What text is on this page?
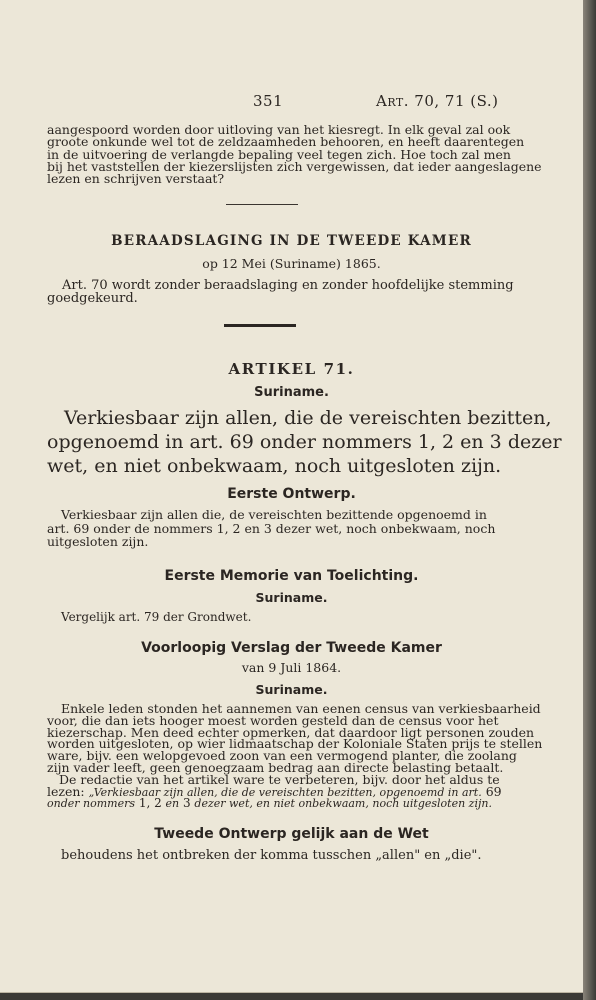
351	Art. 70, 71 (S.)
aangespoord worden door uitloving van het kiesregt. In elk geval zal ook
groote onkunde wel tot de zeldzaamheden behooren, en heeft daarentegen
in de uitvoering de verlangde bepaling veel tegen zich. Hoe toch zal men
bij het vaststellen der kiezerslijsten zich vergewissen, dat ieder aangeslagene
lezen en schrijven verstaat?
BERAADSLAGING IN DE TWEEDE KAMER
op 12 Mei (Suriname) 1865.
Art. 70 wordt zonder beraadslaging en zonder hoofdelijke stemming
goedgekeurd.
ARTIKEL 71.
Suriname.
Verkiesbaar zijn allen, die de vereischten bezitten,
opgenoemd in art. 69 onder nommers 1, 2 en 3 dezer
wet, en niet onbekwaam, noch uitgesloten zijn.
Eerste Ontwerp.
Verkiesbaar zijn allen die, de vereischten bezittende opgenoemd in
art. 69 onder de nommers 1, 2 en 3 dezer wet, noch onbekwaam, noch
uitgesloten zijn.
Eerste Memorie van Toelichting.
Suriname.
Vergelijk art. 79 der Grondwet.
Voorloopig Verslag der Tweede Kamer
van 9 Juli 1864.
Suriname.
Enkele leden stonden het aannemen van eenen census van verkiesbaarheid
voor, die dan iets hooger moest worden gesteld dan de census voor het
kiezerschap. Men deed echter opmerken, dat daardoor ligt personen zouden
worden uitgesloten, op wier lidmaatschap der Koloniale Staten prijs te stellen
ware, bijv. een welopgevoed zoon van een vermogend planter, die zoolang
zijn vader leeft, geen genoegzaam bedrag aan directe belasting betaalt.
De redactie van het artikel ware te verbeteren, bijv. door het aldus te
lezen: „Verkiesbaar zijn allen, die de vereischten bezitten, opgenoemd in art. 69
onder nommers 1, 2 en 3 dezer wet, en niet onbekwaam, noch uitgesloten zijn.
Tweede Ontwerp gelijk aan de Wet
behoudens het ontbreken der komma tusschen „allen" en „die".
